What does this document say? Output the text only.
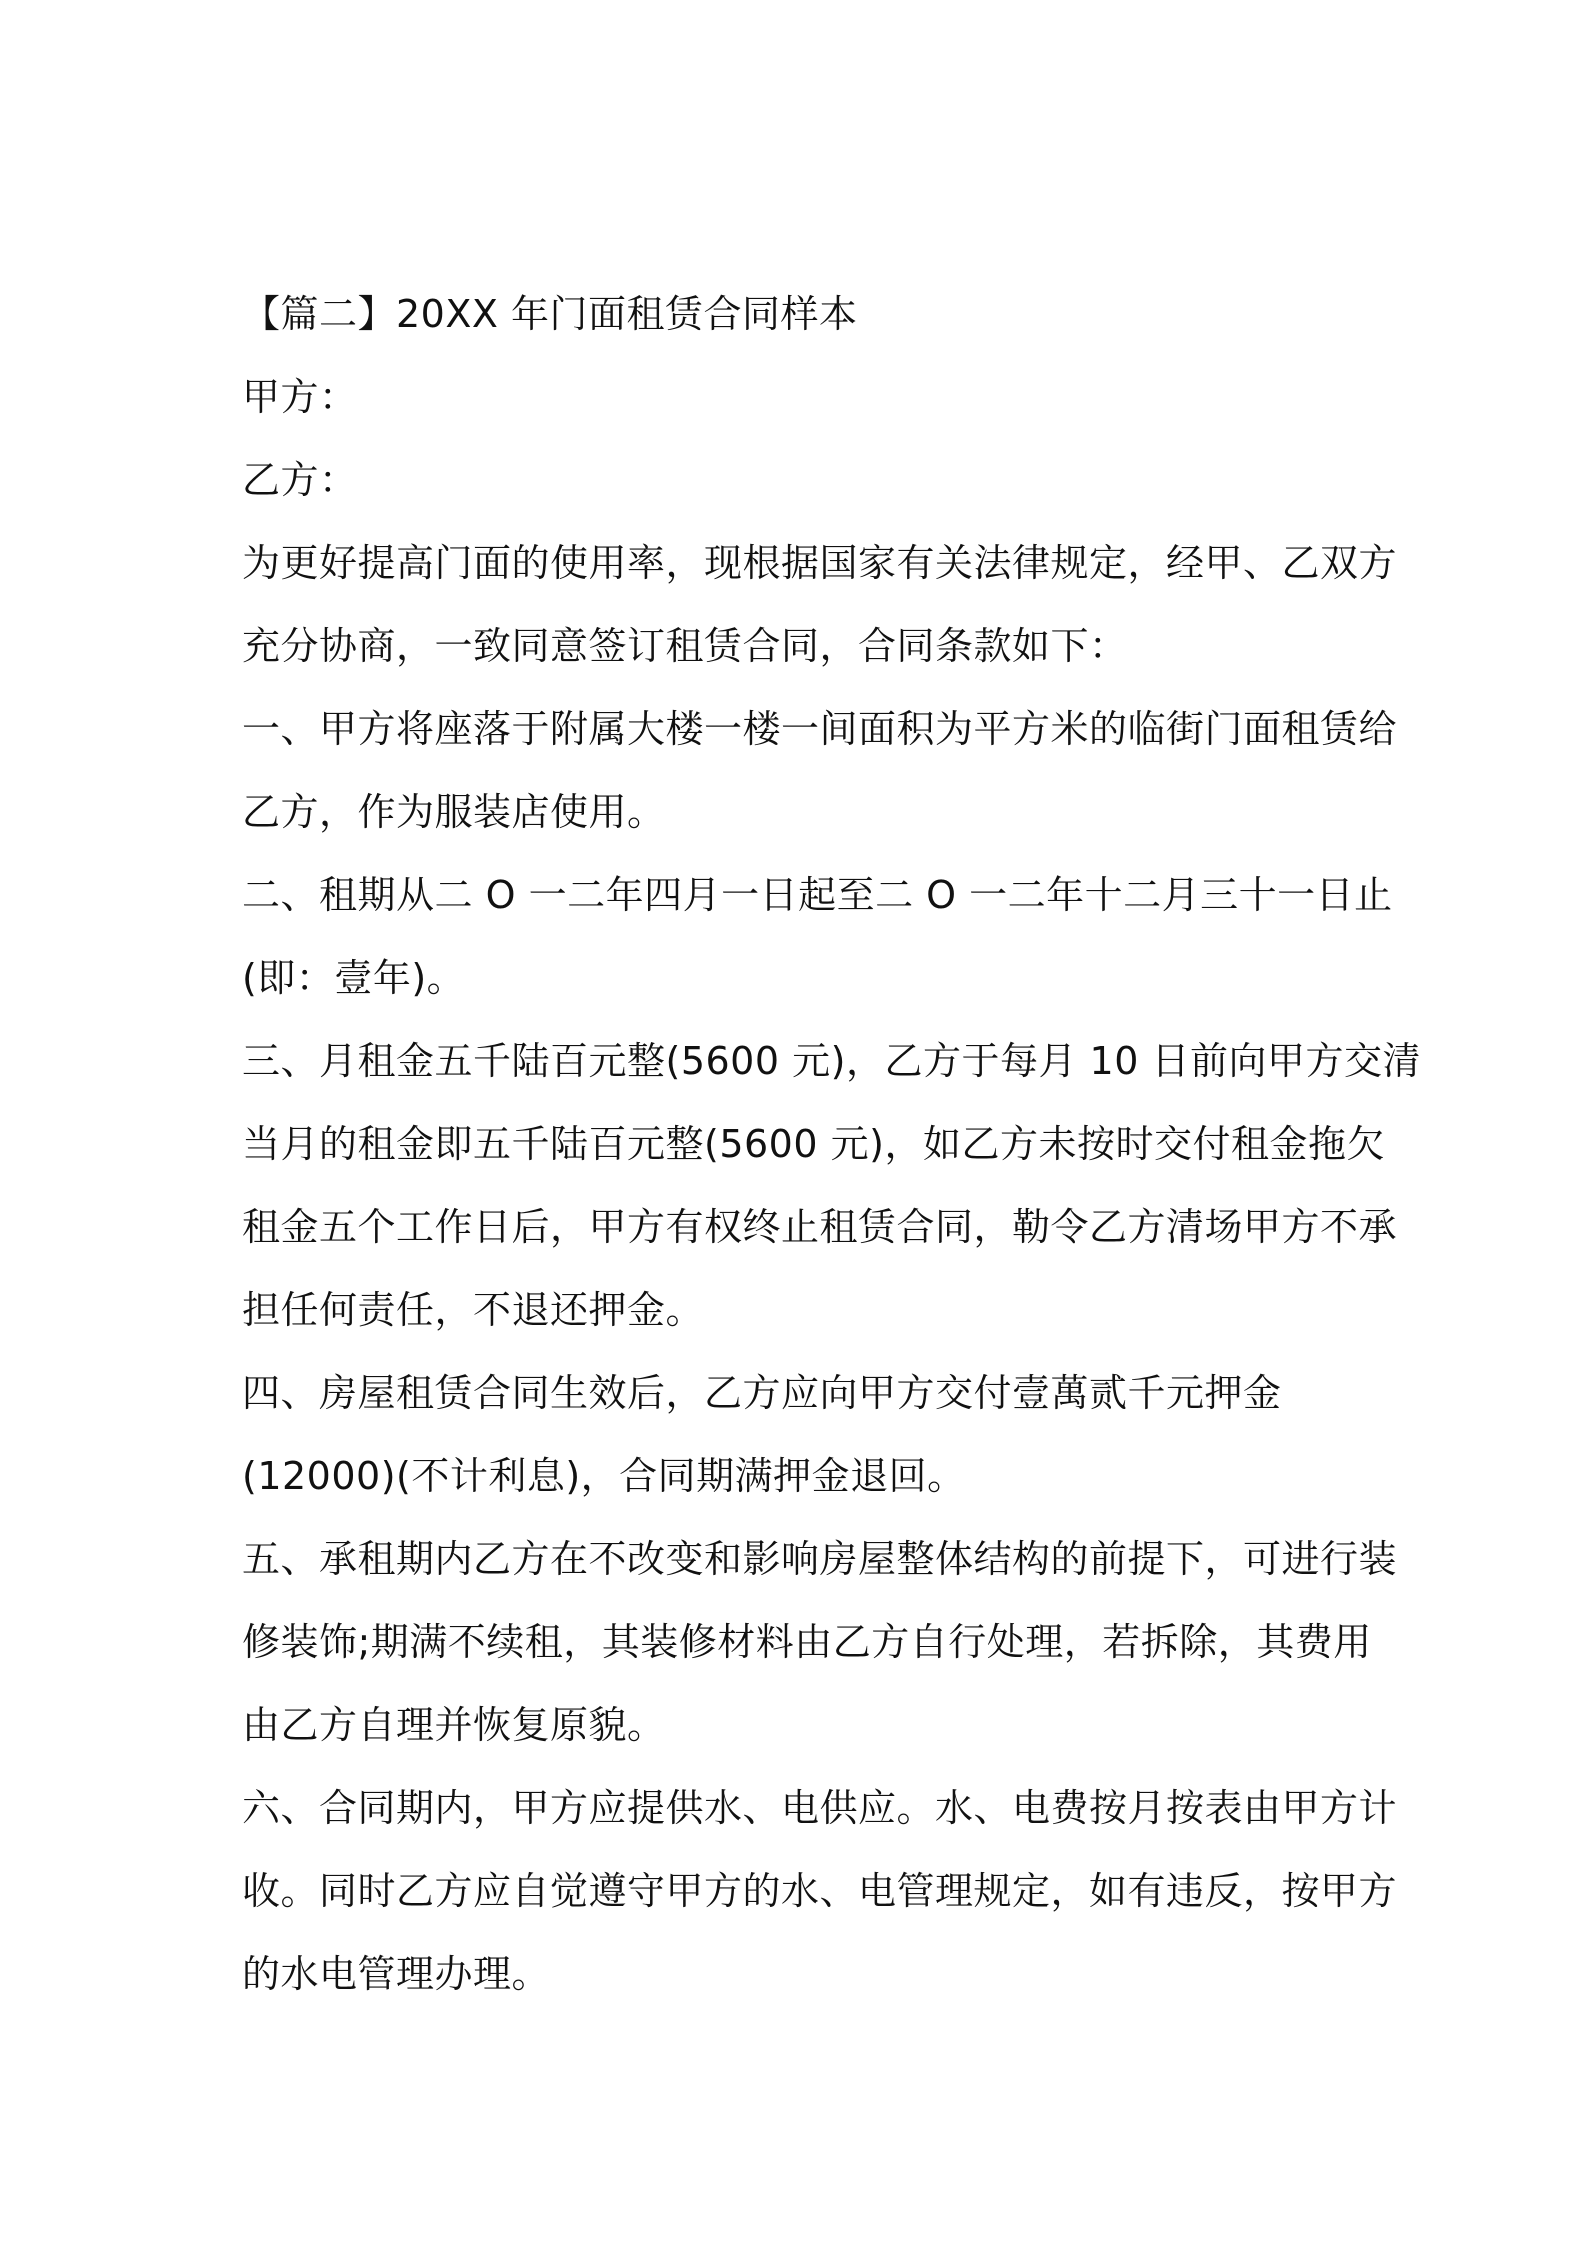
【篇二】20XX 年门面租赁合同样本
甲方：
乙方：
为更好提高门面的使用率，现根据国家有关法律规定，经甲、乙双方
充分协商，一致同意签订租赁合同，合同条款如下：
一、甲方将座落于附属大楼一楼一间面积为平方米的临街门面租赁给
乙方，作为服装店使用。
二、租期从二 O 一二年四月一日起至二 O 一二年十二月三十一日止
(即：壹年)。
三、月租金五千陆百元整(5600 元)，乙方于每月 10 日前向甲方交清
当月的租金即五千陆百元整(5600 元)，如乙方未按时交付租金拖欠
租金五个工作日后，甲方有权终止租赁合同，勒令乙方清场甲方不承
担任何责任，不退还押金。
四、房屋租赁合同生效后，乙方应向甲方交付壹萬贰千元押金
(12000)(不计利息)，合同期满押金退回。
五、承租期内乙方在不改变和影响房屋整体结构的前提下，可进行装
修装饰;期满不续租，其装修材料由乙方自行处理，若拆除，其费用
由乙方自理并恢复原貌。
六、合同期内，甲方应提供水、电供应。水、电费按月按表由甲方计
收。同时乙方应自觉遵守甲方的水、电管理规定，如有违反，按甲方
的水电管理办理。
